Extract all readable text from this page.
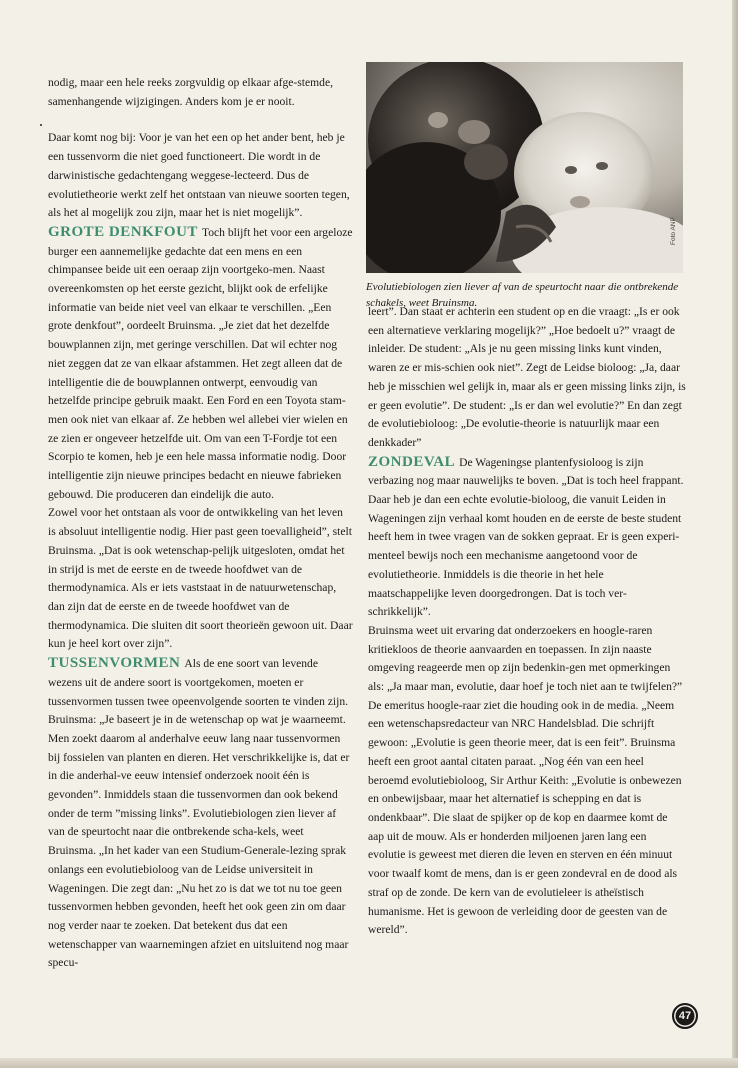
nodig, maar een hele reeks zorgvuldig op elkaar afge-stemde, samenhangende wijzigingen. Anders kom je er nooit.

Daar komt nog bij: Voor je van het een op het ander bent, heb je een tussenvorm die niet goed functioneert. Die wordt in de darwinistische gedachtengang weggese-lecteerd. Dus de evolutietheorie werkt zelf het ontstaan van nieuwe soorten tegen, als het al mogelijk zou zijn, maar het is niet mogelijk”.

GROTE DENKFOUT Toch blijft het voor een argeloze burger een aannemelijke gedachte dat een mens en een chimpansee beide uit een oeraap zijn voortgeko-men. Naast overeenkomsten op het eerste gezicht, blijkt ook de erfelijke informatie van beide niet veel van elkaar te verschillen. „Een grote denkfout”, oordeelt Bruinsma. „Je ziet dat het dezelfde bouwplannen zijn, met geringe verschillen. Dat wil echter nog niet zeggen dat ze van elkaar afstammen. Het zegt alleen dat de intelligentie die de bouwplannen ontwerpt, eenvoudig van hetzelfde principe gebruik maakt. Een Ford en een Toyota stam-men ook niet van elkaar af. Ze hebben wel allebei vier wielen en ze zien er ongeveer hetzelfde uit. Om van een T-Fordje tot een Scorpio te komen, heb je een hele massa informatie nodig. Door intelligentie zijn nieuwe principes bedacht en nieuwe fabrieken gebouwd. Die produceren dan eindelijk die auto.

Zowel voor het ontstaan als voor de ontwikkeling van het leven is absoluut intelligentie nodig. Hier past geen toevalligheid”, stelt Bruinsma. „Dat is ook wetenschap-pelijk uitgesloten, omdat het in strijd is met de eerste en de tweede hoofdwet van de thermodynamica. Als er iets vaststaat in de natuurwetenschap, dan zijn dat de eerste en de tweede hoofdwet van de thermodynamica. Die sluiten dit soort theorieën gewoon uit. Daar kun je heel kort over zijn”.

TUSSENVORMEN Als de ene soort van levende wezens uit de andere soort is voortgekomen, moeten er tussenvormen tussen twee opeenvolgende soorten te vinden zijn. Bruinsma: „Je baseert je in de wetenschap op wat je waarneemt. Men zoekt daarom al anderhalve eeuw lang naar tussenvormen bij fossielen van planten en dieren. Het verschrikkelijke is, dat er in die anderhal-ve eeuw intensief onderzoek nooit één is gevonden”. Inmiddels staan die tussenvormen dan ook bekend onder de term ”missing links”. Evolutiebiologen zien liever af van de speurtocht naar die ontbrekende scha-kels, weet Bruinsma. „In het kader van een Studium-Generale-lezing sprak onlangs een evolutiebioloog van de Leidse universiteit in Wageningen. Die zegt dan: „Nu het zo is dat we tot nu toe geen tussenvormen hebben gevonden, heeft het ook geen zin om daar nog verder naar te zoeken. Dat betekent dus dat een wetenschapper van waarnemingen afziet en uitsluitend nog maar specu-

Foto ANP
Evolutiebiologen zien liever af van de speurtocht naar die ontbrekende schakels, weet Bruinsma.

leert”. Dan staat er achterin een student op en die vraagt: „Is er ook een alternatieve verklaring mogelijk?” „Hoe bedoelt u?” vraagt de inleider. De student: „Als je nu geen missing links kunt vinden, waren ze er mis-schien ook niet”. Zegt de Leidse bioloog: „Ja, daar heb je misschien wel gelijk in, maar als er geen missing links zijn, is er geen evolutie”. De student: „Is er dan wel evolutie?” En dan zegt de evolutiebioloog: „De evolutie-theorie is natuurlijk maar een denkkader”

ZONDEVAL De Wageningse plantenfysioloog is zijn verbazing nog maar nauwelijks te boven. „Dat is toch heel frappant. Daar heb je dan een echte evolutie-bioloog, die vanuit Leiden in Wageningen zijn verhaal komt houden en de eerste de beste student heeft hem in twee vragen van de sokken gepraat. Er is geen experi-menteel bewijs noch een mechanisme aangetoond voor de evolutietheorie. Inmiddels is die theorie in het hele maatschappelijke leven doorgedrongen. Dat is toch ver-schrikkelijk”.

Bruinsma weet uit ervaring dat onderzoekers en hoogle-raren kritiekloos de theorie aanvaarden en toepassen. In zijn naaste omgeving reageerde men op zijn bedenkin-gen met opmerkingen als: „Ja maar man, evolutie, daar hoef je toch niet aan te twijfelen?” De emeritus hoogle-raar ziet die houding ook in de media. „Neem een wetenschapsredacteur van NRC Handelsblad. Die schrijft gewoon: „Evolutie is geen theorie meer, dat is een feit”. Bruinsma heeft een groot aantal citaten paraat. „Nog één van een heel beroemd evolutiebioloog, Sir Arthur Keith: „Evolutie is onbewezen en onbewijsbaar, maar het alternatief is schepping en dat is ondenkbaar”. Die slaat de spijker op de kop en daarmee komt de aap uit de mouw. Als er honderden miljoenen jaren lang een evolutie is geweest met dieren die leven en sterven en één minuut voor twaalf komt de mens, dan is er geen zondevral en de dood als straf op de zonde. De kern van de evolutieleer is atheïstisch humanisme. Het is gewoon de verleiding door de geesten van de wereld”.

47
